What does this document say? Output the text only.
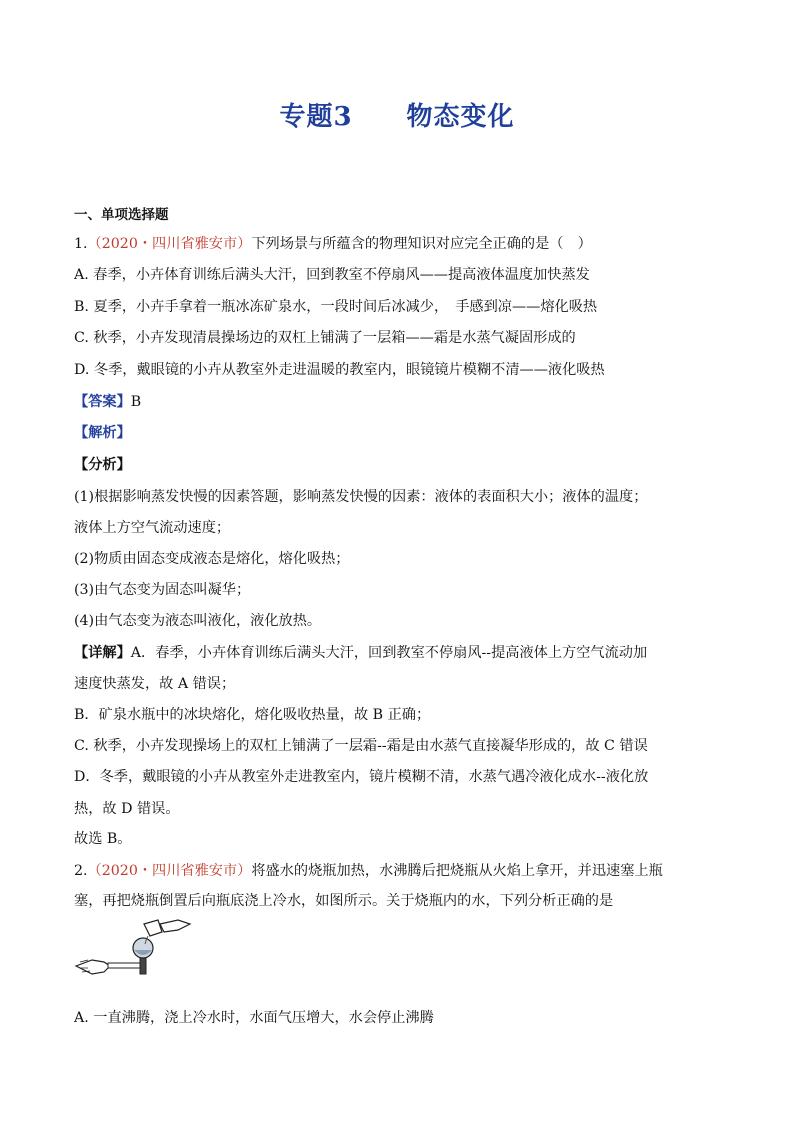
专题3　　物态变化
一、单项选择题
1.（2020・四川省雅安市）下列场景与所蕴含的物理知识对应完全正确的是（　）
A. 春季，小卉体育训练后满头大汗，回到教室不停扇风——提高液体温度加快蒸发
B. 夏季，小卉手拿着一瓶冰冻矿泉水，一段时间后冰减少，　手感到凉——熔化吸热
C. 秋季，小卉发现清晨操场边的双杠上铺满了一层箱——霜是水蒸气凝固形成的
D. 冬季，戴眼镜的小卉从教室外走进温暖的教室内，眼镜镜片模糊不清——液化吸热
【答案】B
【解析】
【分析】
(1)根据影响蒸发快慢的因素答题，影响蒸发快慢的因素：液体的表面积大小；液体的温度；
液体上方空气流动速度；
(2)物质由固态变成液态是熔化，熔化吸热；
(3)由气态变为固态叫凝华；
(4)由气态变为液态叫液化，液化放热。
【详解】A．春季，小卉体育训练后满头大汗，回到教室不停扇风--提高液体上方空气流动加
速度快蒸发，故 A 错误；
B．矿泉水瓶中的冰块熔化，熔化吸收热量，故 B 正确；
C. 秋季，小卉发现操场上的双杠上铺满了一层霜--霜是由水蒸气直接凝华形成的，故 C 错误
D．冬季，戴眼镜的小卉从教室外走进教室内，镜片模糊不清，水蒸气遇冷液化成水--液化放
热，故 D 错误。
故选 B。
2.（2020・四川省雅安市）将盛水的烧瓶加热，水沸腾后把烧瓶从火焰上拿开，并迅速塞上瓶
塞，再把烧瓶倒置后向瓶底浇上冷水，如图所示。关于烧瓶内的水，下列分析正确的是
A. 一直沸腾，浇上冷水时，水面气压增大，水会停止沸腾
